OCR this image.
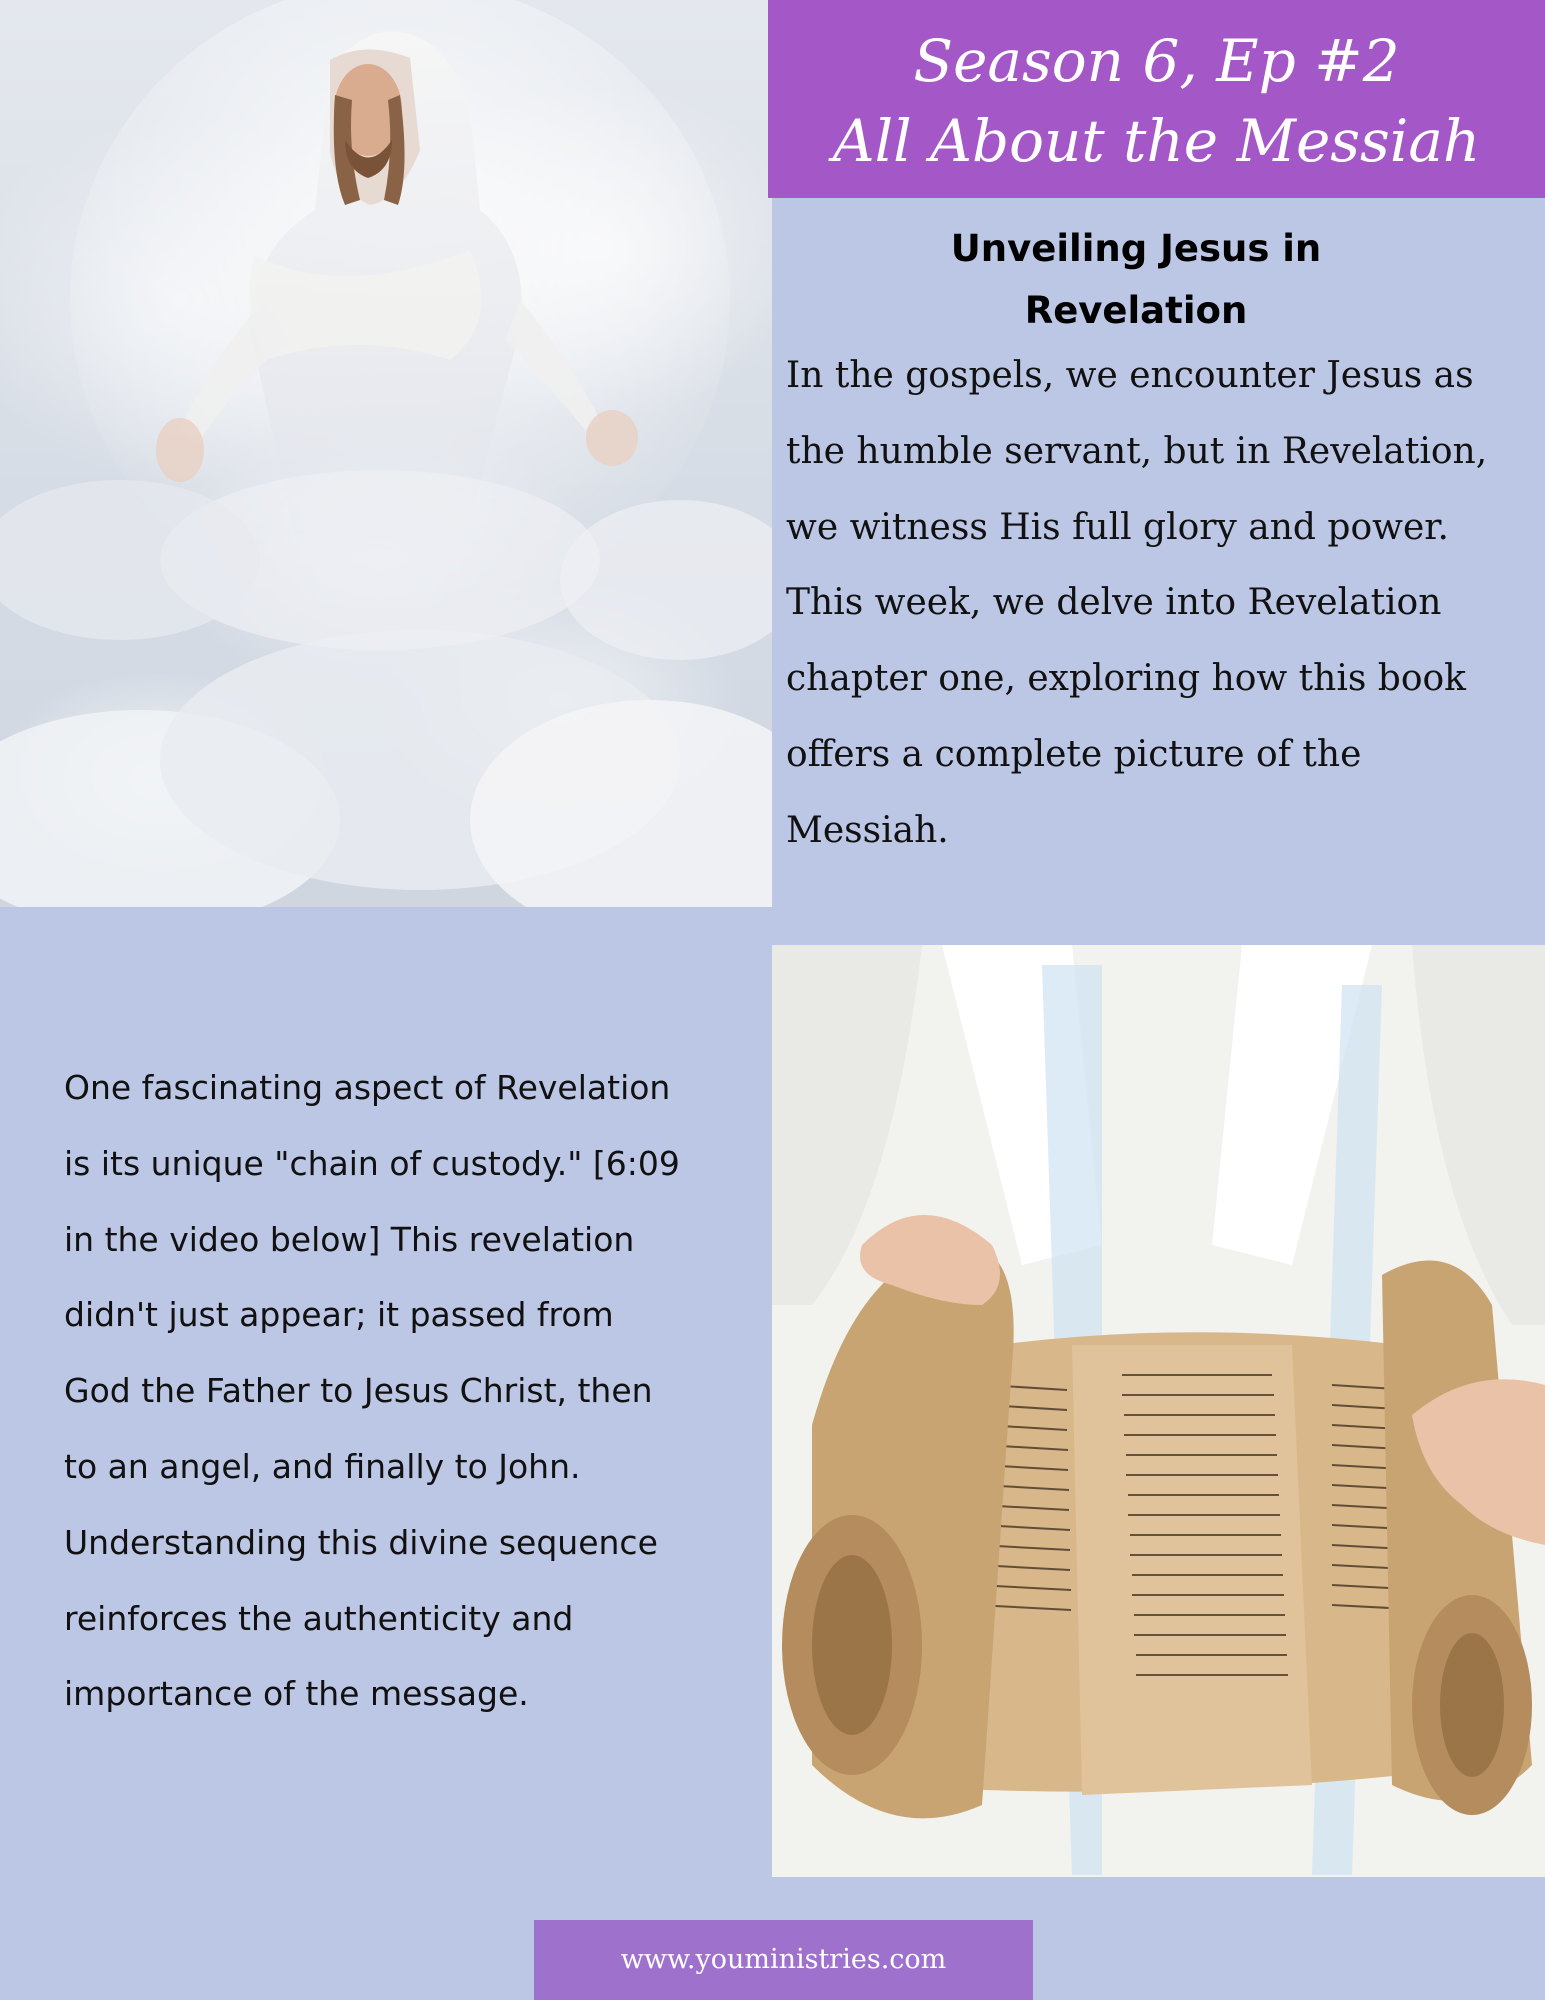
Season 6, Ep #2
All About the Messiah
Unveiling Jesus in
Revelation
In the gospels, we encounter Jesus as
the humble servant, but in Revelation,
we witness His full glory and power.
This week, we delve into Revelation
chapter one, exploring how this book
offers a complete picture of the
Messiah.
One fascinating aspect of Revelation
is its unique "chain of custody." [6:09
in the video below] This revelation
didn't just appear; it passed from
God the Father to Jesus Christ, then
to an angel, and finally to John.
Understanding this divine sequence
reinforces the authenticity and
importance of the message.
www.youministries.com
